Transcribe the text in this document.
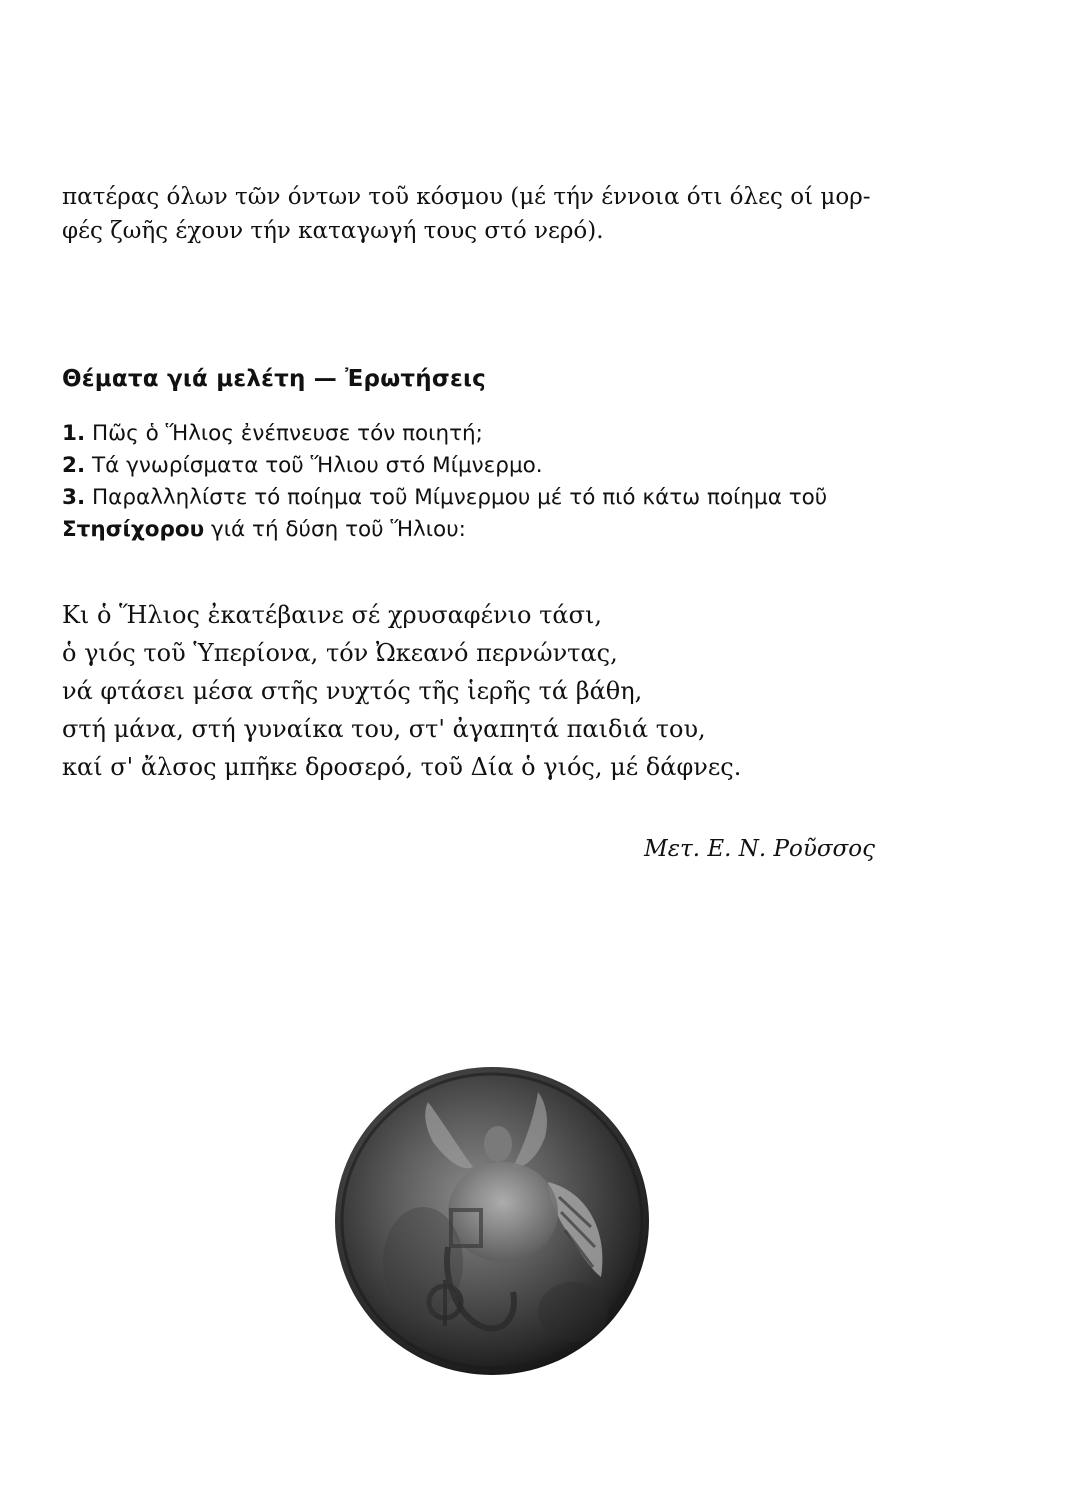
πατέρας όλων τῶν όντων τοῦ κόσμου (μέ τήν έννοια ότι όλες οί μορ-

φές ζωῆς έχουν τήν καταγωγή τους στό νερό).

Θέματα γιά μελέτη — Ἐρωτήσεις

1. Πῶς ὁ Ἥλιος ἐνέπνευσε τόν ποιητή;

2. Τά γνωρίσματα τοῦ Ἥλιου στό Μίμνερμο.

3. Παραλληλίστε τό ποίημα τοῦ Μίμνερμου μέ τό πιό κάτω ποίημα τοῦ

Στησίχορου γιά τή δύση τοῦ Ἥλιου:

Κι ὁ Ἥλιος ἐκατέβαινε σέ χρυσαφένιο τάσι,

ὁ γιός τοῦ Ὑπερίονα, τόν Ὠκεανό περνώντας,

νά φτάσει μέσα στῆς νυχτός τῆς ἱερῆς τά βάθη,

στή μάνα, στή γυναίκα του, στ' ἀγαπητά παιδιά του,

καί σ' ἄλσος μπῆκε δροσερό, τοῦ Δία ὁ γιός, μέ δάφνες.

Μετ. Ε. Ν. Ροῦσσος
